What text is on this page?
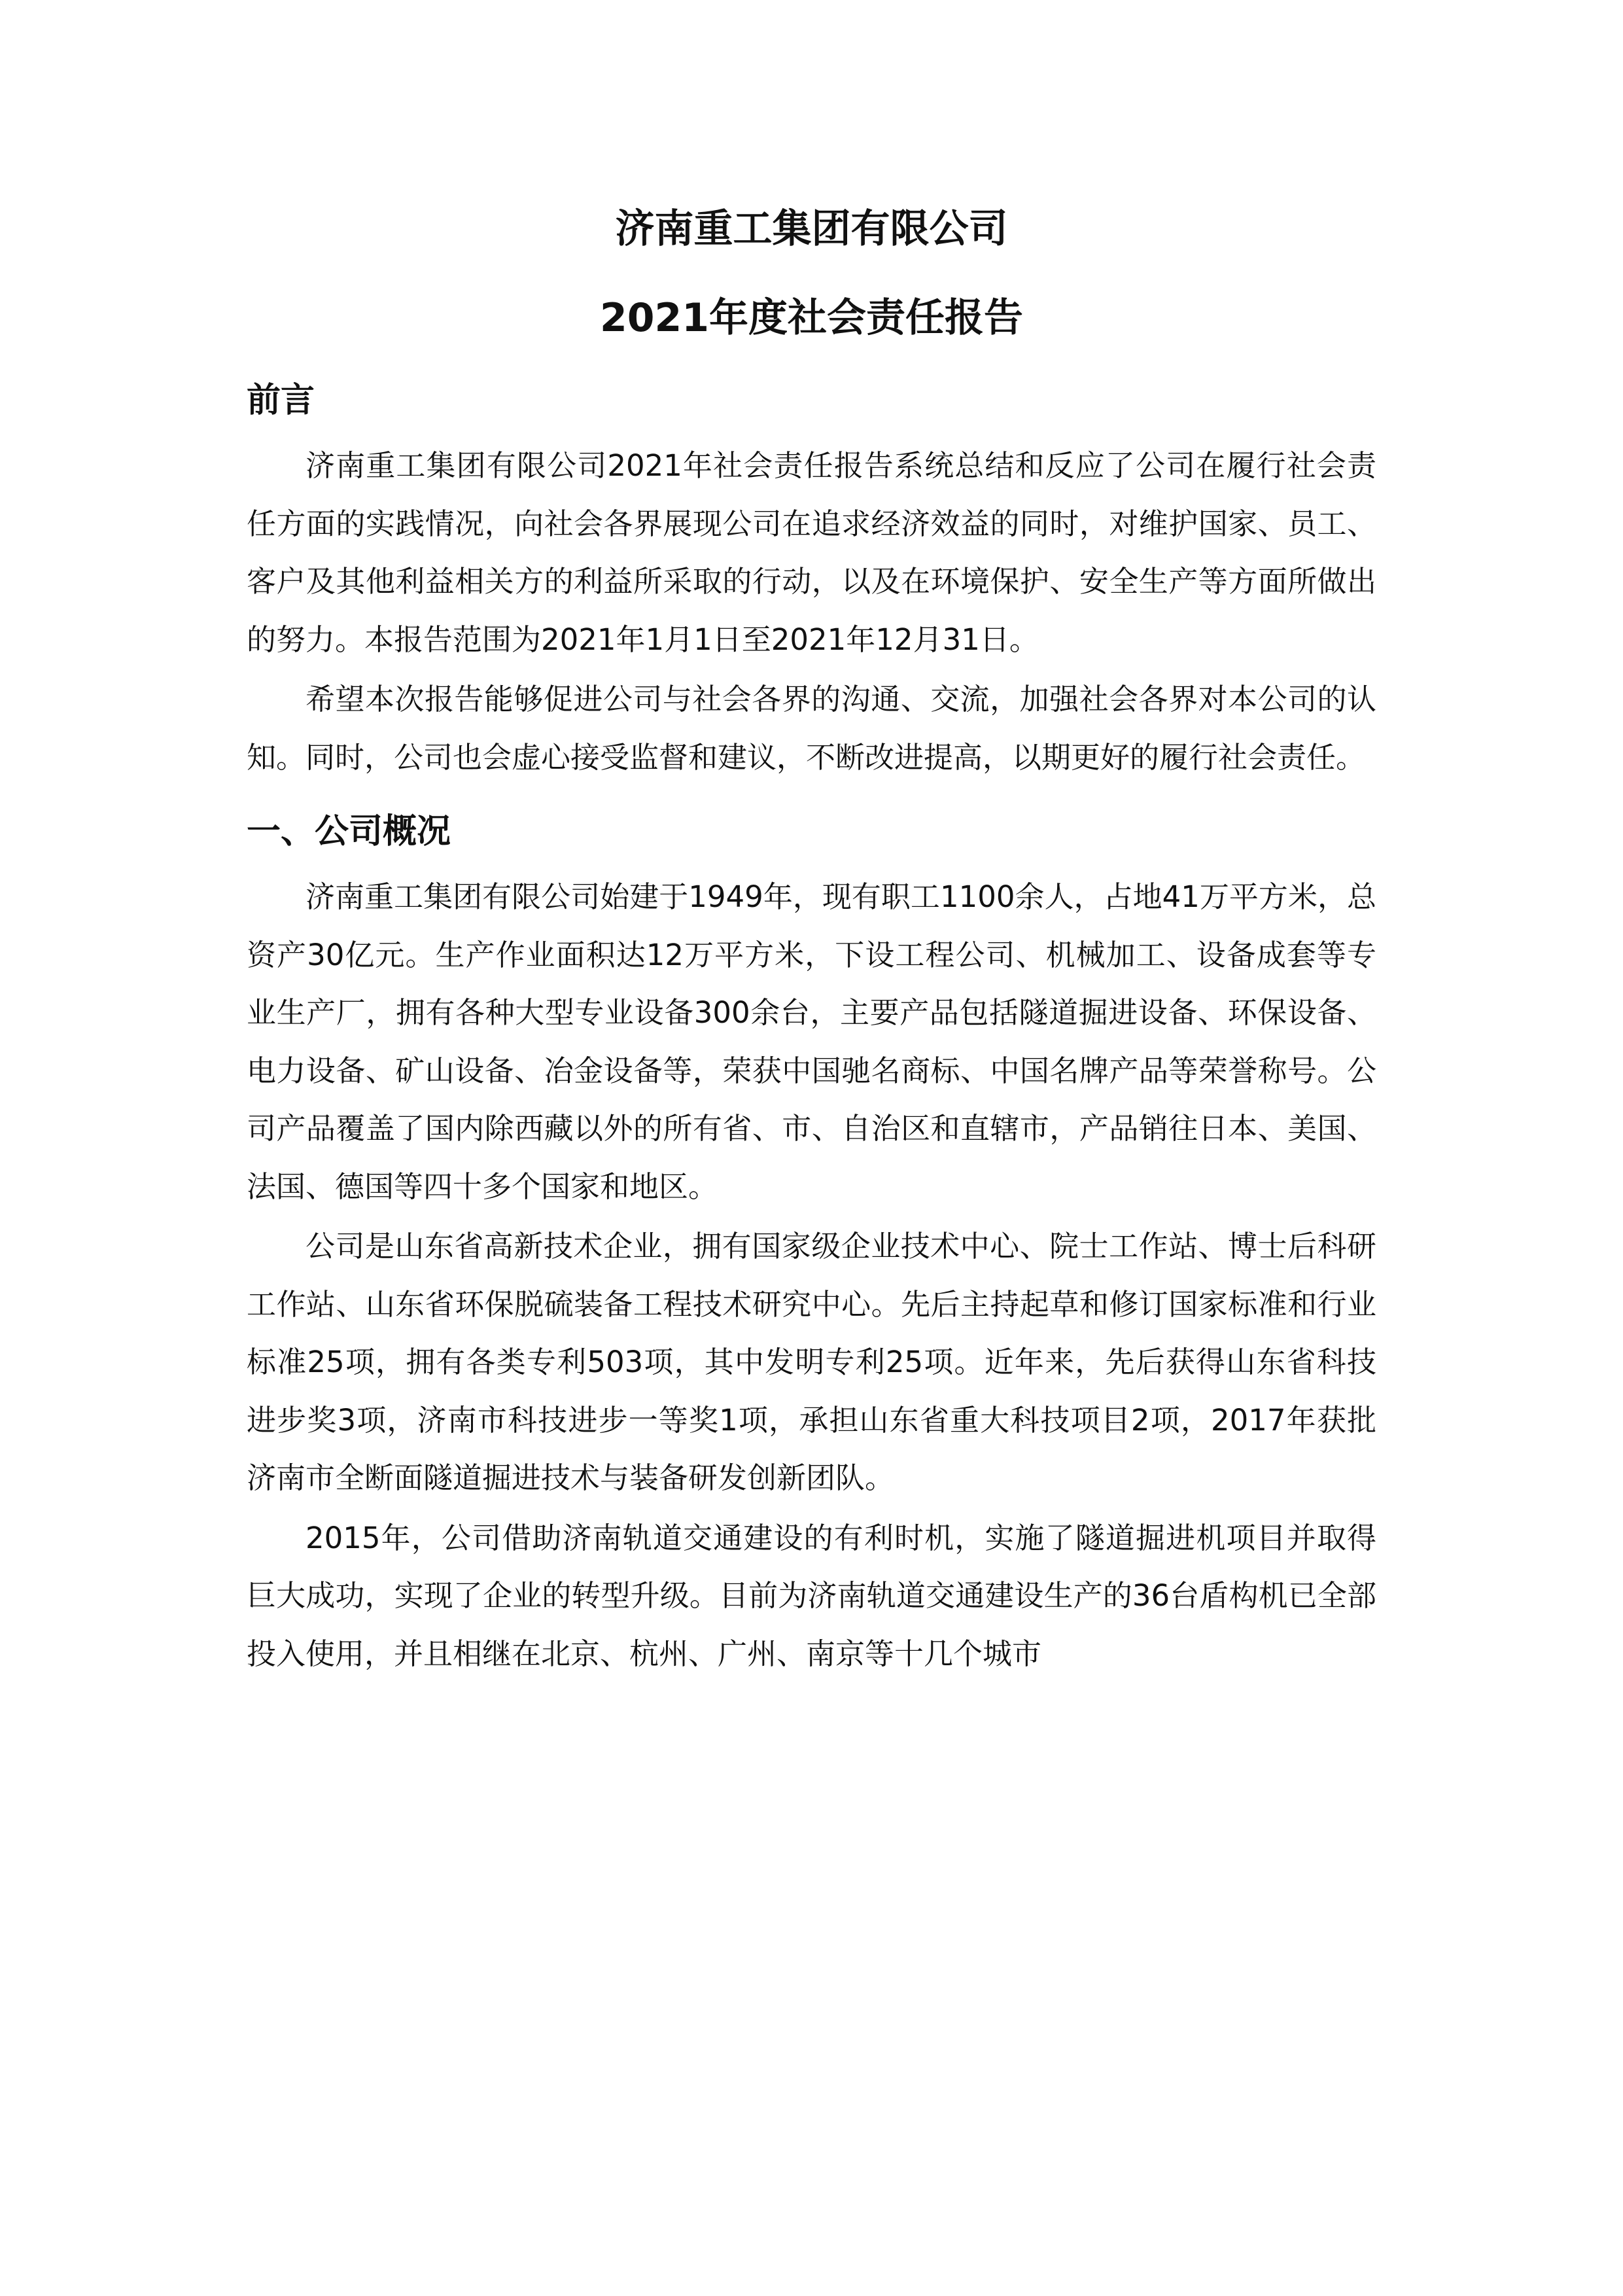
济南重工集团有限公司
2021年度社会责任报告
前言

济南重工集团有限公司2021年社会责任报告系统总结和反应了公司在履行社会责任方面的实践情况，向社会各界展现公司在追求经济效益的同时，对维护国家、员工、客户及其他利益相关方的利益所采取的行动，以及在环境保护、安全生产等方面所做出的努力。本报告范围为2021年1月1日至2021年12月31日。

希望本次报告能够促进公司与社会各界的沟通、交流，加强社会各界对本公司的认知。同时，公司也会虚心接受监督和建议，不断改进提高，以期更好的履行社会责任。

一、公司概况

济南重工集团有限公司始建于1949年，现有职工1100余人，占地41万平方米，总资产30亿元。生产作业面积达12万平方米，下设工程公司、机械加工、设备成套等专业生产厂，拥有各种大型专业设备300余台，主要产品包括隧道掘进设备、环保设备、电力设备、矿山设备、冶金设备等，荣获中国驰名商标、中国名牌产品等荣誉称号。公司产品覆盖了国内除西藏以外的所有省、市、自治区和直辖市，产品销往日本、美国、法国、德国等四十多个国家和地区。

公司是山东省高新技术企业，拥有国家级企业技术中心、院士工作站、博士后科研工作站、山东省环保脱硫装备工程技术研究中心。先后主持起草和修订国家标准和行业标准25项，拥有各类专利503项，其中发明专利25项。近年来，先后获得山东省科技进步奖3项，济南市科技进步一等奖1项，承担山东省重大科技项目2项，2017年获批济南市全断面隧道掘进技术与装备研发创新团队。

2015年，公司借助济南轨道交通建设的有利时机，实施了隧道掘进机项目并取得巨大成功，实现了企业的转型升级。目前为济南轨道交通建设生产的36台盾构机已全部投入使用，并且相继在北京、杭州、广州、南京等十几个城市
